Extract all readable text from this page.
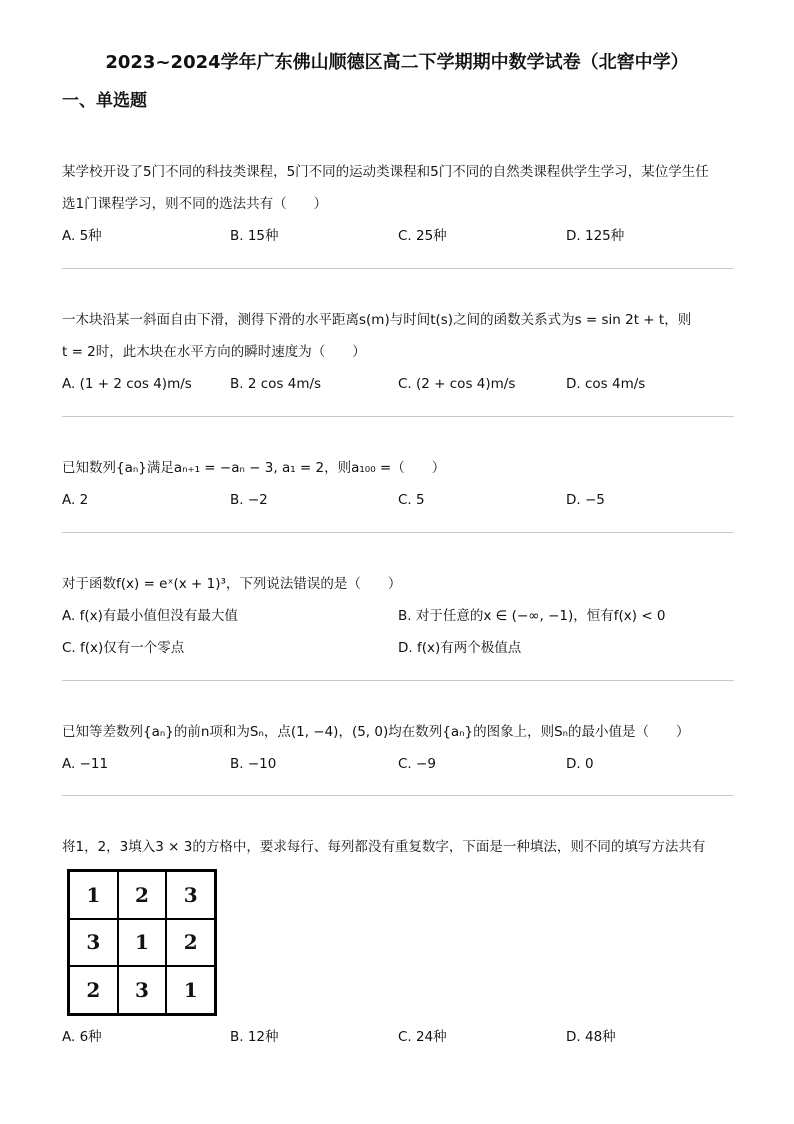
2023~2024学年广东佛山顺德区高二下学期期中数学试卷（北窖中学）
一、单选题
某学校开设了5门不同的科技类课程，5门不同的运动类课程和5门不同的自然类课程供学生学习，某位学生任
选1门课程学习，则不同的选法共有（　　）
A. 5种	B. 15种	C. 25种	D. 125种
一木块沿某一斜面自由下滑，测得下滑的水平距离s(m)与时间t(s)之间的函数关系式为s = sin 2t + t，则
t = 2时，此木块在水平方向的瞬时速度为（　　）
A. (1 + 2 cos 4)m/s	B. 2 cos 4m/s	C. (2 + cos 4)m/s	D. cos 4m/s
已知数列{aₙ}满足aₙ₊₁ = −aₙ − 3, a₁ = 2，则a₁₀₀ =（　　）
A. 2	B. −2	C. 5	D. −5
对于函数f(x) = eˣ(x + 1)³，下列说法错误的是（　　）
A. f(x)有最小值但没有最大值	B. 对于任意的x ∈ (−∞, −1)，恒有f(x) < 0
C. f(x)仅有一个零点	D. f(x)有两个极值点
已知等差数列{aₙ}的前n项和为Sₙ，点(1, −4)，(5, 0)均在数列{aₙ}的图象上，则Sₙ的最小值是（　　）
A. −11	B. −10	C. −9	D. 0
将1，2，3填入3 × 3的方格中，要求每行、每列都没有重复数字，下面是一种填法，则不同的填写方法共有
1	2	3
3	1	2
2	3	1
A. 6种	B. 12种	C. 24种	D. 48种
